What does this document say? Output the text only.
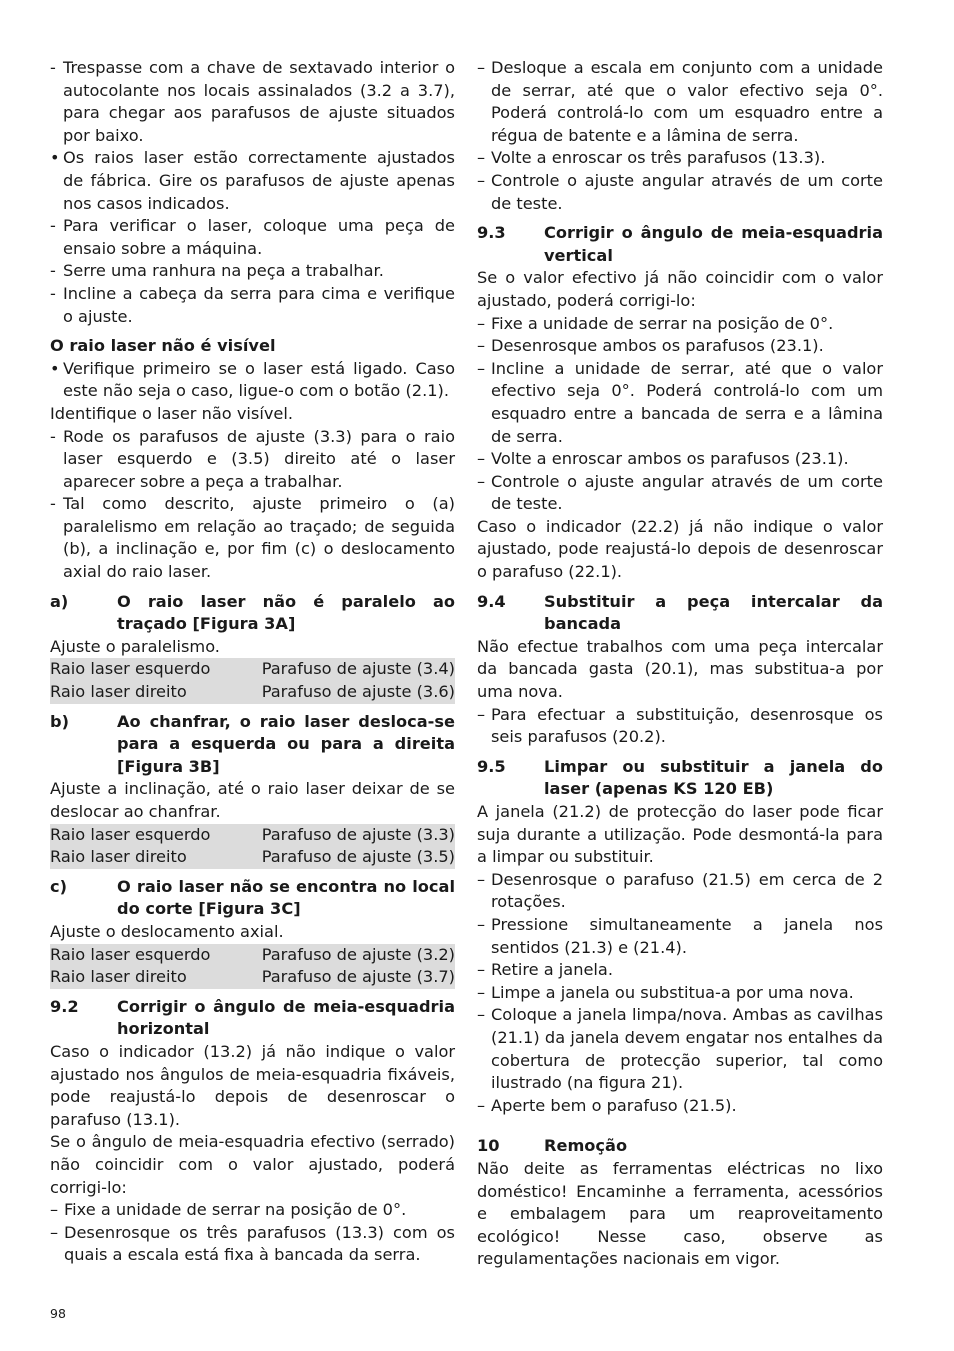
- Trespasse com a chave de sextavado interior o autocolante nos locais assinalados (3.2 a 3.7), para chegar aos parafusos de ajuste situados por baixo.
• Os raios laser estão correctamente ajustados de fábrica. Gire os parafusos de ajuste apenas nos casos indicados.
- Para verificar o laser, coloque uma peça de ensaio sobre a máquina.
- Serre uma ranhura na peça a trabalhar.
- Incline a cabeça da serra para cima e verifique o ajuste.
O raio laser não é visível
• Verifique primeiro se o laser está ligado. Caso este não seja o caso, ligue-o com o botão (2.1).
Identifique o laser não visível.
- Rode os parafusos de ajuste (3.3) para o raio laser esquerdo e (3.5) direito até o laser aparecer sobre a peça a trabalhar.
- Tal como descrito, ajuste primeiro o (a) paralelismo em relação ao traçado; de seguida (b), a inclinação e, por fim (c) o deslocamento axial do raio laser.
a)	O raio laser não é paralelo ao traçado [Figura 3A]
Ajuste o paralelismo.
Raio laser esquerdo	Parafuso de ajuste (3.4)
Raio laser direito	Parafuso de ajuste (3.6)
b)	Ao chanfrar, o raio laser desloca-se para a esquerda ou para a direita [Figura 3B]
Ajuste a inclinação, até o raio laser deixar de se deslocar ao chanfrar.
Raio laser esquerdo	Parafuso de ajuste (3.3)
Raio laser direito	Parafuso de ajuste (3.5)
c)	O raio laser não se encontra no local do corte [Figura 3C]
Ajuste o deslocamento axial.
Raio laser esquerdo	Parafuso de ajuste (3.2)
Raio laser direito	Parafuso de ajuste (3.7)
9.2 Corrigir o ângulo de meia-esquadria horizontal
Caso o indicador (13.2) já não indique o valor ajustado nos ângulos de meia-esquadria fixáveis, pode reajustá-lo depois de desenroscar o parafuso (13.1).
Se o ângulo de meia-esquadria efectivo (serrado) não coincidir com o valor ajustado, poderá corrigi-lo:
– Fixe a unidade de serrar na posição de 0°.
– Desenrosque os três parafusos (13.3) com os quais a escala está fixa à bancada da serra.
– Desloque a escala em conjunto com a unidade de serrar, até que o valor efectivo seja 0°. Poderá controlá-lo com um esquadro entre a régua de batente e a lâmina de serra.
– Volte a enroscar os três parafusos (13.3).
– Controle o ajuste angular através de um corte de teste.
9.3 Corrigir o ângulo de meia-esquadria vertical
Se o valor efectivo já não coincidir com o valor ajustado, poderá corrigi-lo:
– Fixe a unidade de serrar na posição de 0°.
– Desenrosque ambos os parafusos (23.1).
– Incline a unidade de serrar, até que o valor efectivo seja 0°. Poderá controlá-lo com um esquadro entre a bancada de serra e a lâmina de serra.
– Volte a enroscar ambos os parafusos (23.1).
– Controle o ajuste angular através de um corte de teste.
Caso o indicador (22.2) já não indique o valor ajustado, pode reajustá-lo depois de desenroscar o parafuso (22.1).
9.4 Substituir a peça intercalar da bancada
Não efectue trabalhos com uma peça intercalar da bancada gasta (20.1), mas substitua-a por uma nova.
– Para efectuar a substituição, desenrosque os seis parafusos (20.2).
9.5 Limpar ou substituir a janela do laser (apenas KS 120 EB)
A janela (21.2) de protecção do laser pode ficar suja durante a utilização. Pode desmontá-la para a limpar ou substituir.
– Desenrosque o parafuso (21.5) em cerca de 2 rotações.
– Pressione simultaneamente a janela nos sentidos (21.3) e (21.4).
– Retire a janela.
– Limpe a janela ou substitua-a por uma nova.
– Coloque a janela limpa/nova. Ambas as cavilhas (21.1) da janela devem engatar nos entalhes da cobertura de protecção superior, tal como ilustrado (na figura 21).
– Aperte bem o parafuso (21.5).
10	Remoção
Não deite as ferramentas eléctricas no lixo doméstico! Encaminhe a ferramenta, acessórios e embalagem para um reaproveitamento ecológico! Nesse caso, observe as regulamentações nacionais em vigor.
98
